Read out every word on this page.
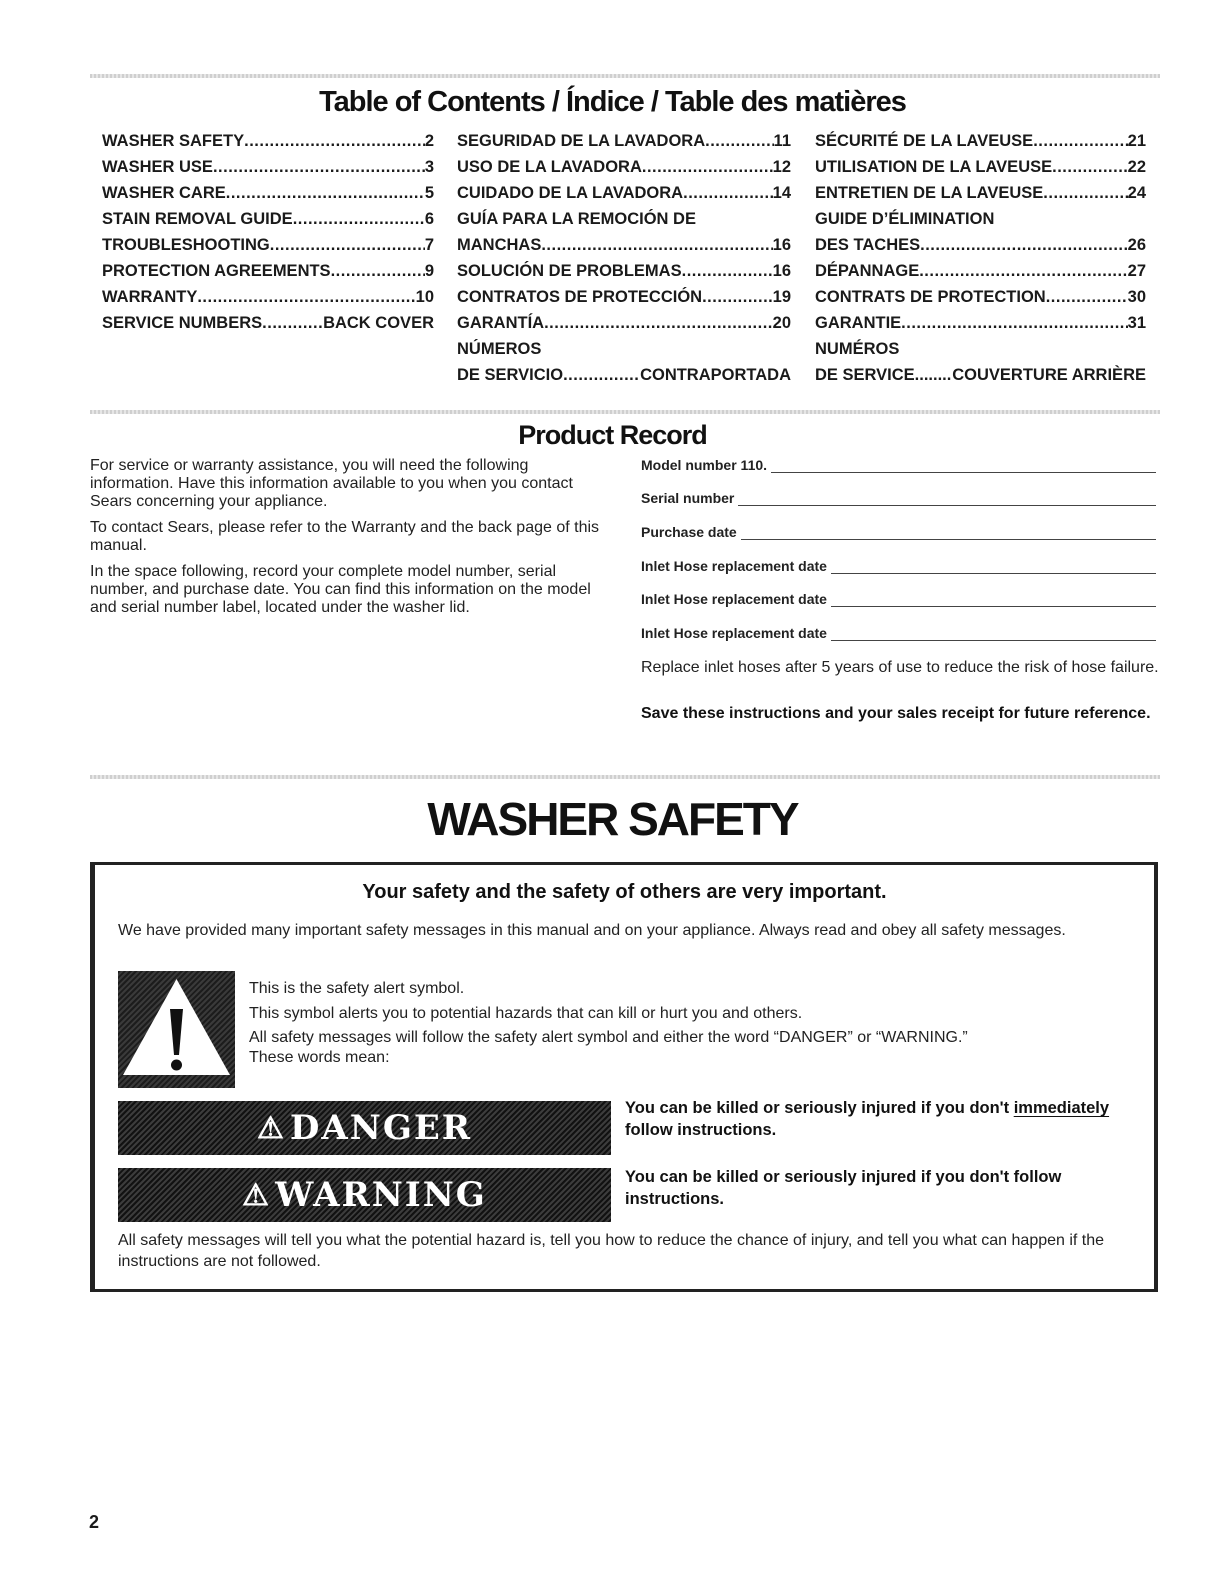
Table of Contents / Índice / Table des matières
WASHER SAFETY .....	2
WASHER USE .....	3
WASHER CARE .....	5
STAIN REMOVAL GUIDE .....	6
TROUBLESHOOTING .....	7
PROTECTION AGREEMENTS .....	9
WARRANTY .....	10
SERVICE NUMBERS .....	BACK COVER
SEGURIDAD DE LA LAVADORA .....	11
USO DE LA LAVADORA .....	12
CUIDADO DE LA LAVADORA .....	14
GUÍA PARA LA REMOCIÓN DE
MANCHAS .....	16
SOLUCIÓN DE PROBLEMAS .....	16
CONTRATOS DE PROTECCIÓN .....	19
GARANTÍA .....	20
NÚMEROS
DE SERVICIO .....	CONTRAPORTADA
SÉCURITÉ DE LA LAVEUSE .....	21
UTILISATION DE LA LAVEUSE .....	22
ENTRETIEN DE LA LAVEUSE .....	24
GUIDE D’ÉLIMINATION
DES TACHES .....	26
DÉPANNAGE .....	27
CONTRATS DE PROTECTION .....	30
GARANTIE .....	31
NUMÉROS
DE SERVICE ..... COUVERTURE ARRIÈRE
Product Record

For service or warranty assistance, you will need the following information. Have this information available to you when you contact Sears concerning your appliance.

To contact Sears, please refer to the Warranty and the back page of this manual.

In the space following, record your complete model number, serial number, and purchase date. You can find this information on the model and serial number label, located under the washer lid.

Model number 110.
Serial number
Purchase date
Inlet Hose replacement date
Inlet Hose replacement date
Inlet Hose replacement date
Replace inlet hoses after 5 years of use to reduce the risk of hose failure.
Save these instructions and your sales receipt for future reference.
WASHER SAFETY
Your safety and the safety of others are very important.
We have provided many important safety messages in this manual and on your appliance. Always read and obey all safety messages.
This is the safety alert symbol.
This symbol alerts you to potential hazards that can kill or hurt you and others.
All safety messages will follow the safety alert symbol and either the word “DANGER” or “WARNING.”
These words mean:
⚠ DANGER	You can be killed or seriously injured if you don't immediately follow instructions.
⚠ WARNING	You can be killed or seriously injured if you don't follow instructions.
All safety messages will tell you what the potential hazard is, tell you how to reduce the chance of injury, and tell you what can happen if the instructions are not followed.
2
